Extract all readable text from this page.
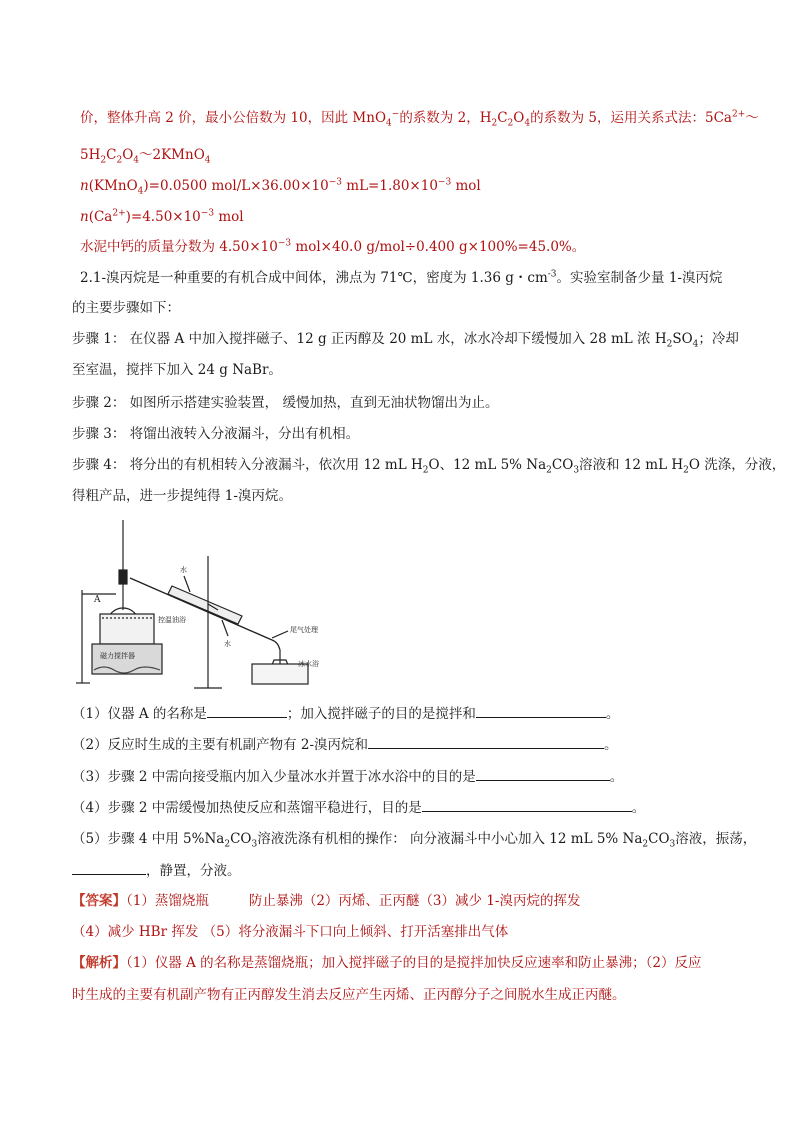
价，整体升高 2 价，最小公倍数为 10，因此 MnO$_4$−的系数为 2，$H_2C_2O_4$的系数为 5，运用关系式法：$5Ca^{2+}\sim$
$5H_2C_2O_4\sim 2KMnO_4$
n(KMnO$_4$)=0.0500 mol/$L\times 36.00\times 10^{-3}$ $mL=1.80\times 10^{-3}$ mol
$n(Ca^{2+})=4.50\times 10^{-3}$ mol
水泥中钙的质量分数为 $4.50\times 10^{-3}$ mol×40.0 g/mol÷0.400 g×100%=45.0%。
2.1-溴丙烷是一种重要的有机合成中间体，沸点为 71℃，密度为 1.36 g・$cm^{-3}$。实验室制备少量 1-溴丙烷
的主要步骤如下：
步骤 1： 在仪器 A 中加入搅拌磁子、12 g 正丙醇及 20 mL 水，冰水冷却下缓慢加入 28 mL 浓 $H_2SO_4$；冷却
至室温，搅拌下加入 24 g NaBr。
步骤 2： 如图所示搭建实验装置， 缓慢加热，直到无油状物馏出为止。
步骤 3： 将馏出液转入分液漏斗，分出有机相。
步骤 4： 将分出的有机相转入分液漏斗，依次用 12 mL $H_2O$、12 mL 5% $Na_2CO_3$溶液和 12 mL $H_2O$ 洗涤，分液，
得粗产品，进一步提纯得 1-溴丙烷。
A
水
水
控温油浴
磁力搅拌器
尾气处理
冰水浴
（1）仪器 A 的名称是	；加入搅拌磁子的目的是搅拌和	。
（2）反应时生成的主要有机副产物有 2-溴丙烷和	。
（3）步骤 2 中需向接受瓶内加入少量冰水并置于冰水浴中的目的是	。
（4）步骤 2 中需缓慢加热使反应和蒸馏平稳进行，目的是	。
（5）步骤 4 中用 $5\%Na_2CO_3$溶液洗涤有机相的操作： 向分液漏斗中小心加入 12 mL 5% $Na_2CO_3$溶液，振荡，
，静置，分液。
【答案】（1）蒸馏烧瓶	防止暴沸（2）丙烯、正丙醚（3）减少 1-溴丙烷的挥发
（4）减少 HBr 挥发 （5）将分液漏斗下口向上倾斜、打开活塞排出气体
【解析】（1）仪器 A 的名称是蒸馏烧瓶；加入搅拌磁子的目的是搅拌加快反应速率和防止暴沸；（2）反应
时生成的主要有机副产物有正丙醇发生消去反应产生丙烯、正丙醇分子之间脱水生成正丙醚。
